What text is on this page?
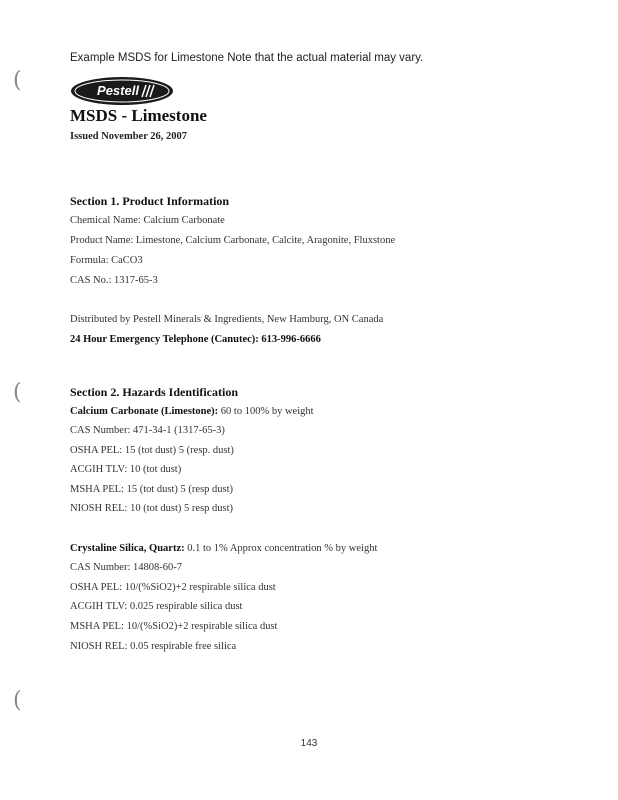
(
(
(
Example MSDS for Limestone Note that the actual material may vary.
Pestell
MSDS - Limestone
Issued November 26, 2007
Section 1. Product Information
Chemical Name: Calcium Carbonate
Product Name: Limestone, Calcium Carbonate, Calcite, Aragonite, Fluxstone
Formula: CaCO3
CAS No.: 1317-65-3
Distributed by Pestell Minerals & Ingredients, New Hamburg, ON Canada
24 Hour Emergency Telephone (Canutec): 613-996-6666
Section 2. Hazards Identification
Calcium Carbonate (Limestone): 60 to 100% by weight
CAS Number: 471-34-1 (1317-65-3)
OSHA PEL: 15 (tot dust) 5 (resp. dust)
ACGIH TLV: 10 (tot dust)
MSHA PEL: 15 (tot dust) 5 (resp dust)
NIOSH REL: 10 (tot dust) 5 resp dust)
Crystaline Silica, Quartz: 0.1 to 1% Approx concentration % by weight
CAS Number: 14808-60-7
OSHA PEL: 10/(%SiO2)+2 respirable silica dust
ACGIH TLV: 0.025 respirable silica dust
MSHA PEL: 10/(%SiO2)+2 respirable silica dust
NIOSH REL: 0.05 respirable free silica
143
